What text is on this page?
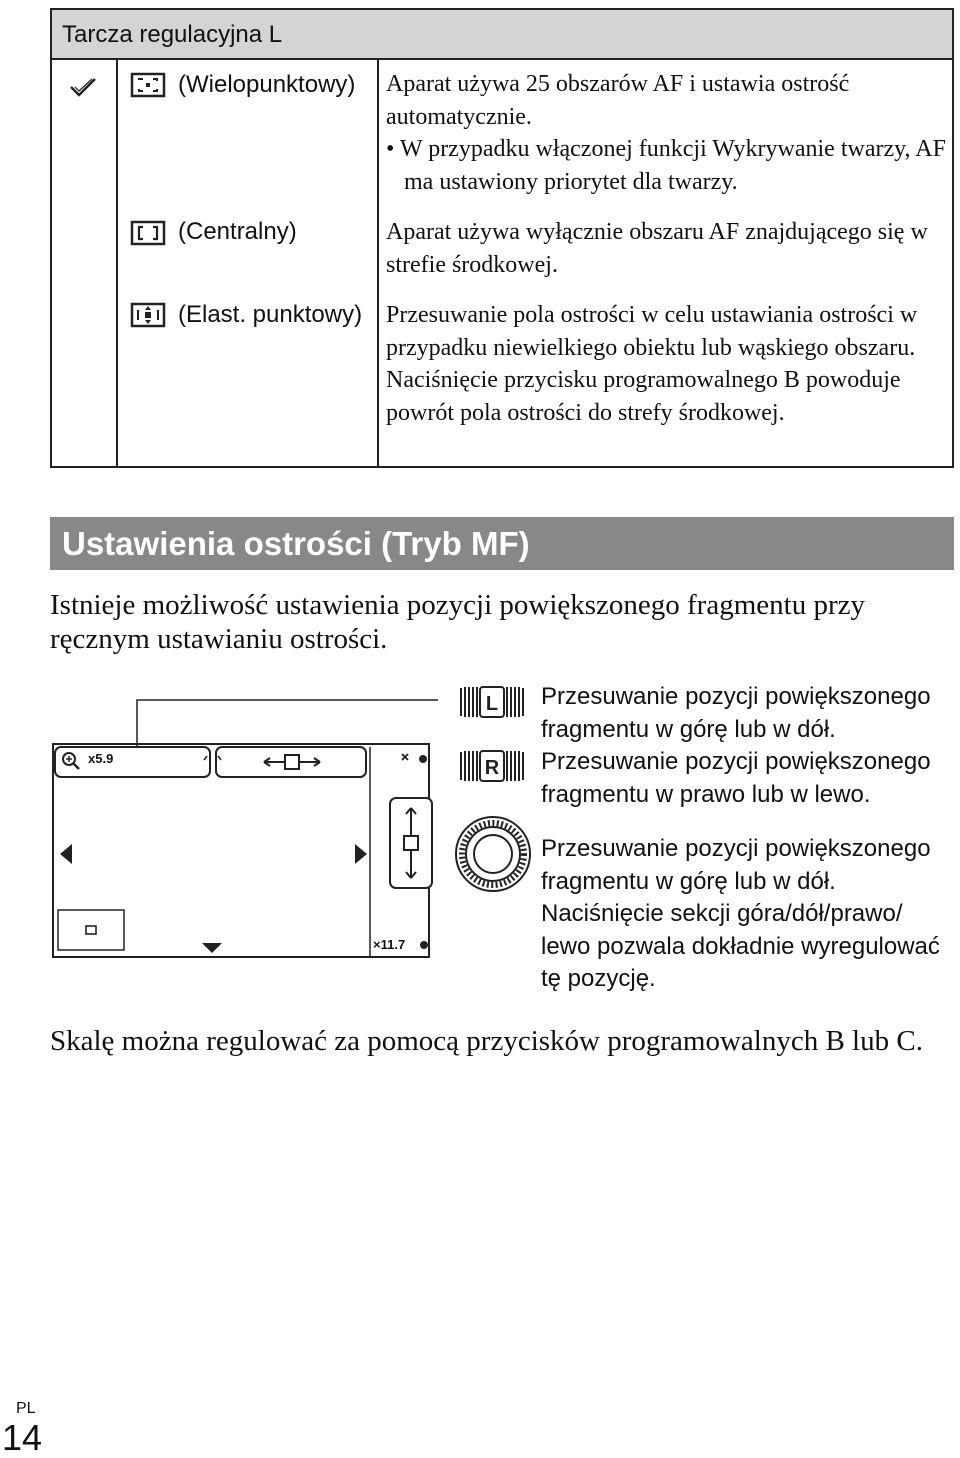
Tarcza regulacyjna L
(Wielopunktowy) Aparat używa 25 obszarów AF i ustawia ostrość automatycznie.

• W przypadku włączonej funkcji Wykrywanie twarzy, AF ma ustawiony priorytet dla twarzy.

(Centralny)	Aparat używa wyłącznie obszaru AF znajdującego się w strefie środkowej.
(Elast. punktowy) Przesuwanie pola ostrości w celu ustawiania ostrości w przypadku niewielkiego obiektu lub wąskiego obszaru. Naciśnięcie przycisku programowalnego B powoduje powrót pola ostrości do strefy środkowej.
Ustawienia ostrości (Tryb MF)
Istnieje możliwość ustawienia pozycji powiększonego fragmentu przy ręcznym ustawianiu ostrości.
x5.9
×11.7
L Przesuwanie pozycji powiększonego fragmentu w górę lub w dół.
R Przesuwanie pozycji powiększonego fragmentu w prawo lub w lewo.
Przesuwanie pozycji powiększonego fragmentu w górę lub w dół. Naciśnięcie sekcji góra/dół/prawo/ lewo pozwala dokładnie wyregulować tę pozycję.
Skalę można regulować za pomocą przycisków programowalnych B lub C.
PL
14
